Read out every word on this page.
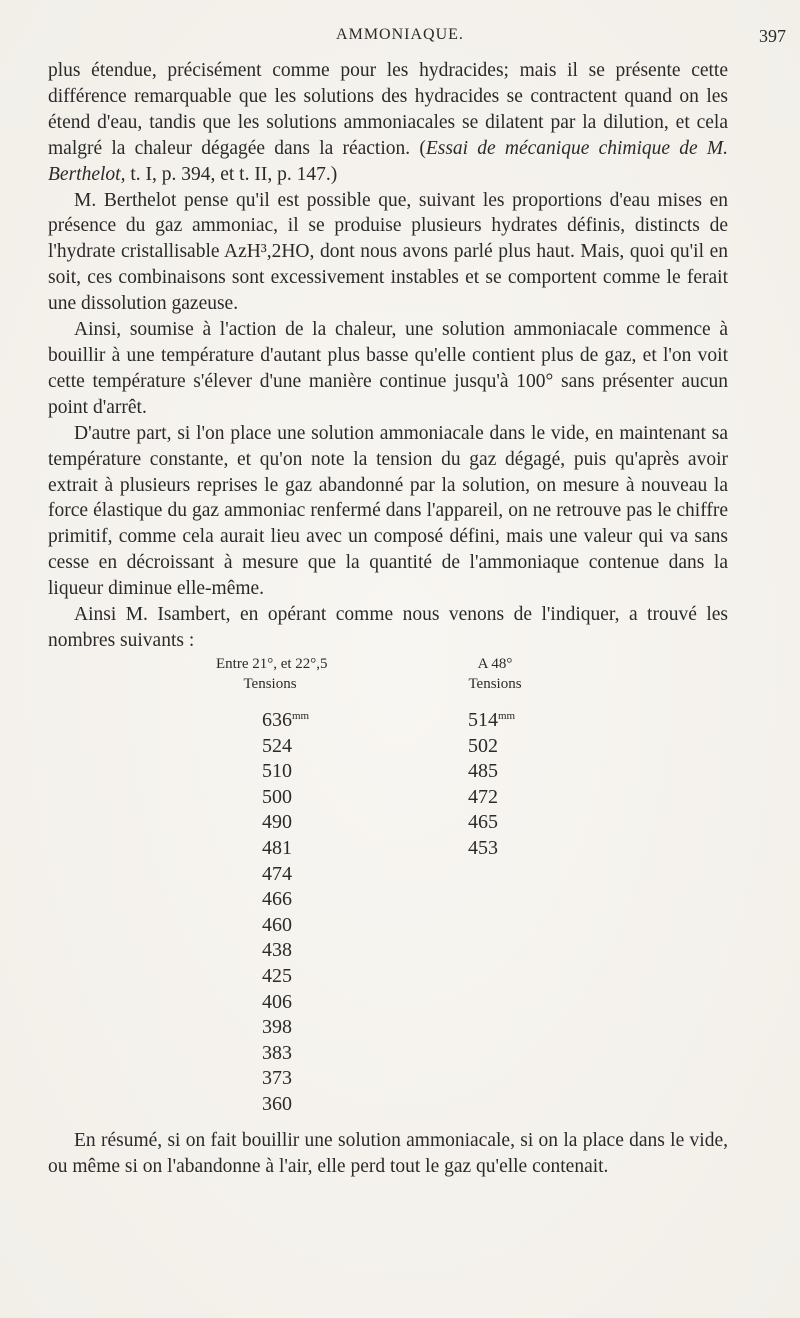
AMMONIAQUE.	397

plus étendue, précisément comme pour les hydracides; mais il se présente cette différence remarquable que les solutions des hydracides se contractent quand on les étend d'eau, tandis que les solutions ammoniacales se dilatent par la dilution, et cela malgré la chaleur dégagée dans la réaction. (Essai de mécanique chimique de M. Berthelot, t. I, p. 394, et t. II, p. 147.)

M. Berthelot pense qu'il est possible que, suivant les proportions d'eau mises en présence du gaz ammoniac, il se produise plusieurs hydrates définis, distincts de l'hydrate cristallisable AzH³,2HO, dont nous avons parlé plus haut. Mais, quoi qu'il en soit, ces combinaisons sont excessivement instables et se comportent comme le ferait une dissolution gazeuse.

Ainsi, soumise à l'action de la chaleur, une solution ammoniacale commence à bouillir à une température d'autant plus basse qu'elle contient plus de gaz, et l'on voit cette température s'élever d'une manière continue jusqu'à 100° sans présenter aucun point d'arrêt.

D'autre part, si l'on place une solution ammoniacale dans le vide, en maintenant sa température constante, et qu'on note la tension du gaz dégagé, puis qu'après avoir extrait à plusieurs reprises le gaz abandonné par la solution, on mesure à nouveau la force élastique du gaz ammoniac renfermé dans l'appareil, on ne retrouve pas le chiffre primitif, comme cela aurait lieu avec un composé défini, mais une valeur qui va sans cesse en décroissant à mesure que la quantité de l'ammoniaque contenue dans la liqueur diminue elle-même.

Ainsi M. Isambert, en opérant comme nous venons de l'indiquer, a trouvé les nombres suivants :

Entre 21°, et 22°,5
Tensions
$636^{mm}$
524
510
500
490
481
474
466
460
438
425
406
398
383
373
360
A 48°
Tensions
$514^{mm}$
502
485
472
465
453

En résumé, si on fait bouillir une solution ammoniacale, si on la place dans le vide, ou même si on l'abandonne à l'air, elle perd tout le gaz qu'elle contenait.
